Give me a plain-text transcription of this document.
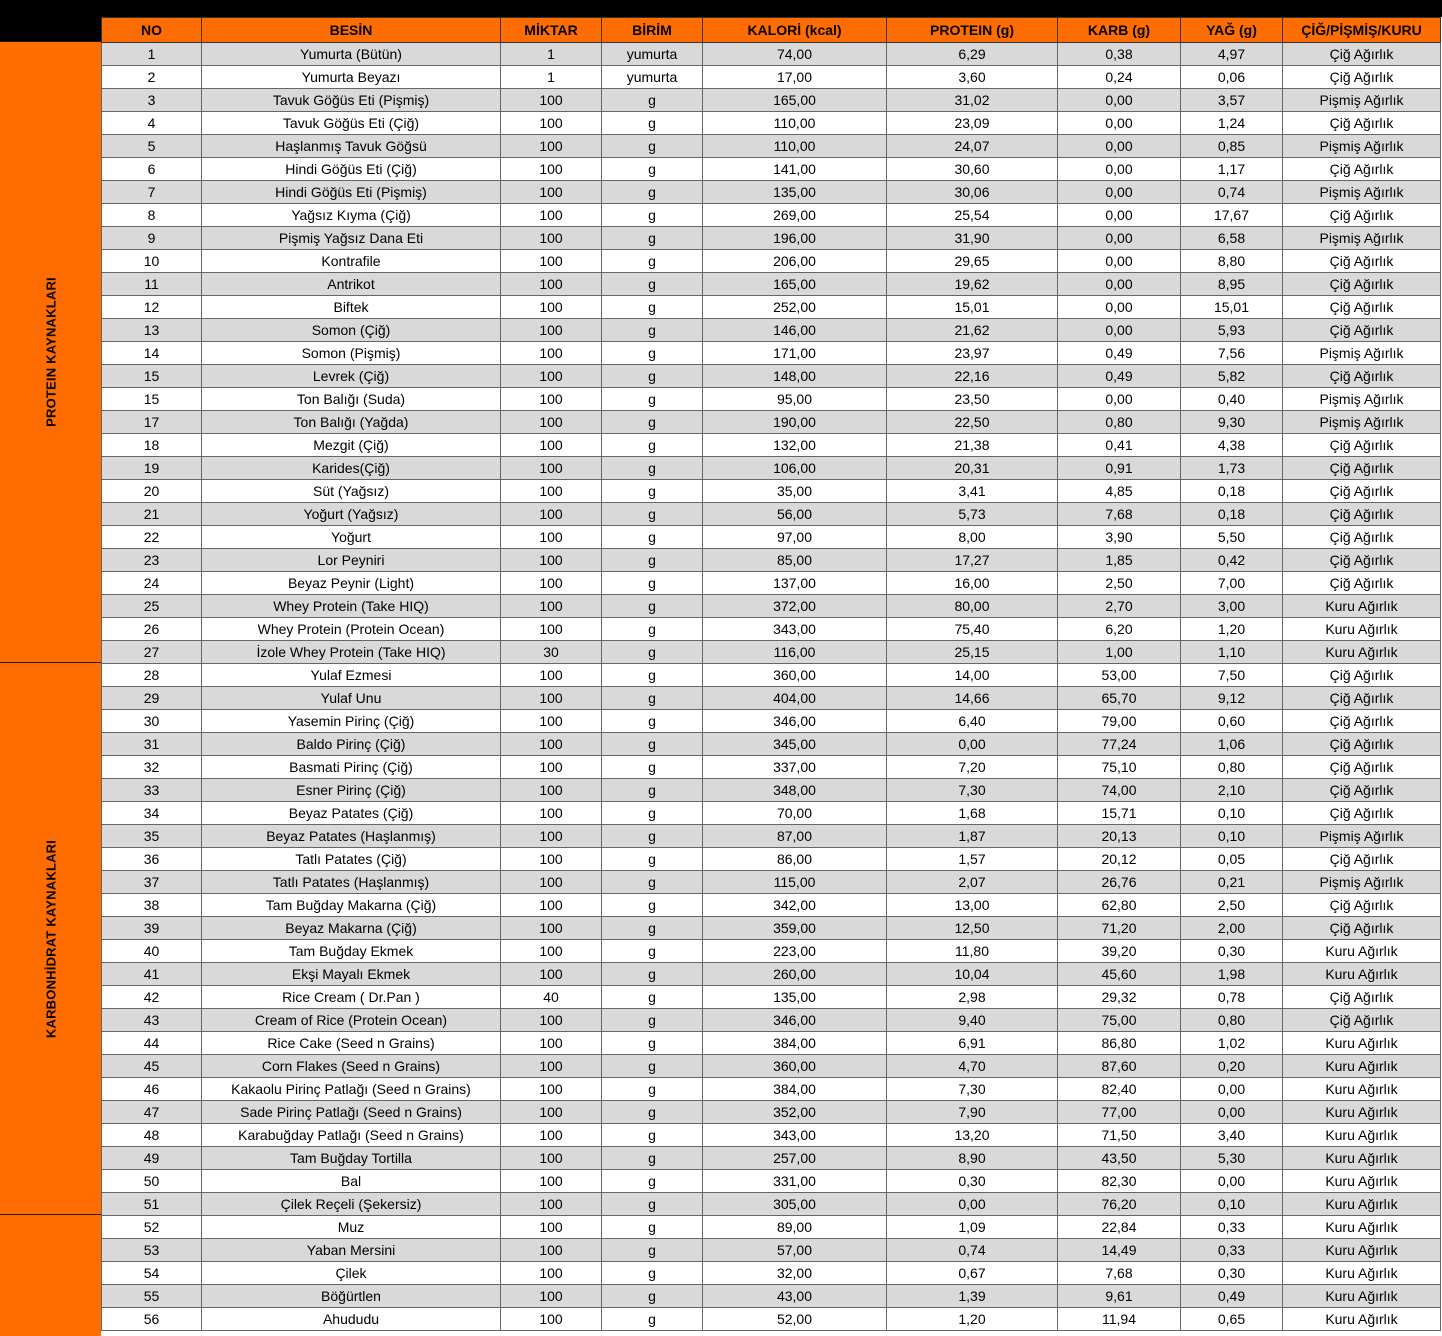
PROTEIN KAYNAKLARI
KARBONHİDRAT KAYNAKLARI
NO	BESİN	MİKTAR	BİRİM	KALORİ (kcal)	PROTEIN (g)	KARB (g)	YAĞ (g)	ÇİĞ/PİŞMİŞ/KURU
1	Yumurta (Bütün)	1	yumurta	74,00	6,29	0,38	4,97	Çiğ Ağırlık
2	Yumurta Beyazı	1	yumurta	17,00	3,60	0,24	0,06	Çiğ Ağırlık
3	Tavuk Göğüs Eti (Pişmiş)	100	g	165,00	31,02	0,00	3,57	Pişmiş Ağırlık
4	Tavuk Göğüs Eti (Çiğ)	100	g	110,00	23,09	0,00	1,24	Çiğ Ağırlık
5	Haşlanmış Tavuk Göğsü	100	g	110,00	24,07	0,00	0,85	Pişmiş Ağırlık
6	Hindi Göğüs Eti (Çiğ)	100	g	141,00	30,60	0,00	1,17	Çiğ Ağırlık
7	Hindi Göğüs Eti (Pişmiş)	100	g	135,00	30,06	0,00	0,74	Pişmiş Ağırlık
8	Yağsız Kıyma (Çiğ)	100	g	269,00	25,54	0,00	17,67	Çiğ Ağırlık
9	Pişmiş Yağsız Dana Eti	100	g	196,00	31,90	0,00	6,58	Pişmiş Ağırlık
10	Kontrafile	100	g	206,00	29,65	0,00	8,80	Çiğ Ağırlık
11	Antrikot	100	g	165,00	19,62	0,00	8,95	Çiğ Ağırlık
12	Biftek	100	g	252,00	15,01	0,00	15,01	Çiğ Ağırlık
13	Somon (Çiğ)	100	g	146,00	21,62	0,00	5,93	Çiğ Ağırlık
14	Somon (Pişmiş)	100	g	171,00	23,97	0,49	7,56	Pişmiş Ağırlık
15	Levrek (Çiğ)	100	g	148,00	22,16	0,49	5,82	Çiğ Ağırlık
15	Ton Balığı (Suda)	100	g	95,00	23,50	0,00	0,40	Pişmiş Ağırlık
17	Ton Balığı (Yağda)	100	g	190,00	22,50	0,80	9,30	Pişmiş Ağırlık
18	Mezgit (Çiğ)	100	g	132,00	21,38	0,41	4,38	Çiğ Ağırlık
19	Karides(Çiğ)	100	g	106,00	20,31	0,91	1,73	Çiğ Ağırlık
20	Süt (Yağsız)	100	g	35,00	3,41	4,85	0,18	Çiğ Ağırlık
21	Yoğurt (Yağsız)	100	g	56,00	5,73	7,68	0,18	Çiğ Ağırlık
22	Yoğurt	100	g	97,00	8,00	3,90	5,50	Çiğ Ağırlık
23	Lor Peyniri	100	g	85,00	17,27	1,85	0,42	Çiğ Ağırlık
24	Beyaz Peynir (Light)	100	g	137,00	16,00	2,50	7,00	Çiğ Ağırlık
25	Whey Protein (Take HIQ)	100	g	372,00	80,00	2,70	3,00	Kuru Ağırlık
26	Whey Protein (Protein Ocean)	100	g	343,00	75,40	6,20	1,20	Kuru Ağırlık
27	İzole Whey Protein (Take HIQ)	30	g	116,00	25,15	1,00	1,10	Kuru Ağırlık
28	Yulaf Ezmesi	100	g	360,00	14,00	53,00	7,50	Çiğ Ağırlık
29	Yulaf Unu	100	g	404,00	14,66	65,70	9,12	Çiğ Ağırlık
30	Yasemin Pirinç (Çiğ)	100	g	346,00	6,40	79,00	0,60	Çiğ Ağırlık
31	Baldo Pirinç (Çiğ)	100	g	345,00	0,00	77,24	1,06	Çiğ Ağırlık
32	Basmati Pirinç (Çiğ)	100	g	337,00	7,20	75,10	0,80	Çiğ Ağırlık
33	Esner Pirinç (Çiğ)	100	g	348,00	7,30	74,00	2,10	Çiğ Ağırlık
34	Beyaz Patates (Çiğ)	100	g	70,00	1,68	15,71	0,10	Çiğ Ağırlık
35	Beyaz Patates (Haşlanmış)	100	g	87,00	1,87	20,13	0,10	Pişmiş Ağırlık
36	Tatlı Patates (Çiğ)	100	g	86,00	1,57	20,12	0,05	Çiğ Ağırlık
37	Tatlı Patates (Haşlanmış)	100	g	115,00	2,07	26,76	0,21	Pişmiş Ağırlık
38	Tam Buğday Makarna (Çiğ)	100	g	342,00	13,00	62,80	2,50	Çiğ Ağırlık
39	Beyaz Makarna (Çiğ)	100	g	359,00	12,50	71,20	2,00	Çiğ Ağırlık
40	Tam Buğday Ekmek	100	g	223,00	11,80	39,20	0,30	Kuru Ağırlık
41	Ekşi Mayalı Ekmek	100	g	260,00	10,04	45,60	1,98	Kuru Ağırlık
42	Rice Cream ( Dr.Pan )	40	g	135,00	2,98	29,32	0,78	Çiğ Ağırlık
43	Cream of Rice (Protein Ocean)	100	g	346,00	9,40	75,00	0,80	Çiğ Ağırlık
44	Rice Cake (Seed n Grains)	100	g	384,00	6,91	86,80	1,02	Kuru Ağırlık
45	Corn Flakes (Seed n Grains)	100	g	360,00	4,70	87,60	0,20	Kuru Ağırlık
46	Kakaolu Pirinç Patlağı (Seed n Grains)	100	g	384,00	7,30	82,40	0,00	Kuru Ağırlık
47	Sade Pirinç Patlağı (Seed n Grains)	100	g	352,00	7,90	77,00	0,00	Kuru Ağırlık
48	Karabuğday Patlağı (Seed n Grains)	100	g	343,00	13,20	71,50	3,40	Kuru Ağırlık
49	Tam Buğday Tortilla	100	g	257,00	8,90	43,50	5,30	Kuru Ağırlık
50	Bal	100	g	331,00	0,30	82,30	0,00	Kuru Ağırlık
51	Çilek Reçeli (Şekersiz)	100	g	305,00	0,00	76,20	0,10	Kuru Ağırlık
52	Muz	100	g	89,00	1,09	22,84	0,33	Kuru Ağırlık
53	Yaban Mersini	100	g	57,00	0,74	14,49	0,33	Kuru Ağırlık
54	Çilek	100	g	32,00	0,67	7,68	0,30	Kuru Ağırlık
55	Böğürtlen	100	g	43,00	1,39	9,61	0,49	Kuru Ağırlık
56	Ahududu	100	g	52,00	1,20	11,94	0,65	Kuru Ağırlık
